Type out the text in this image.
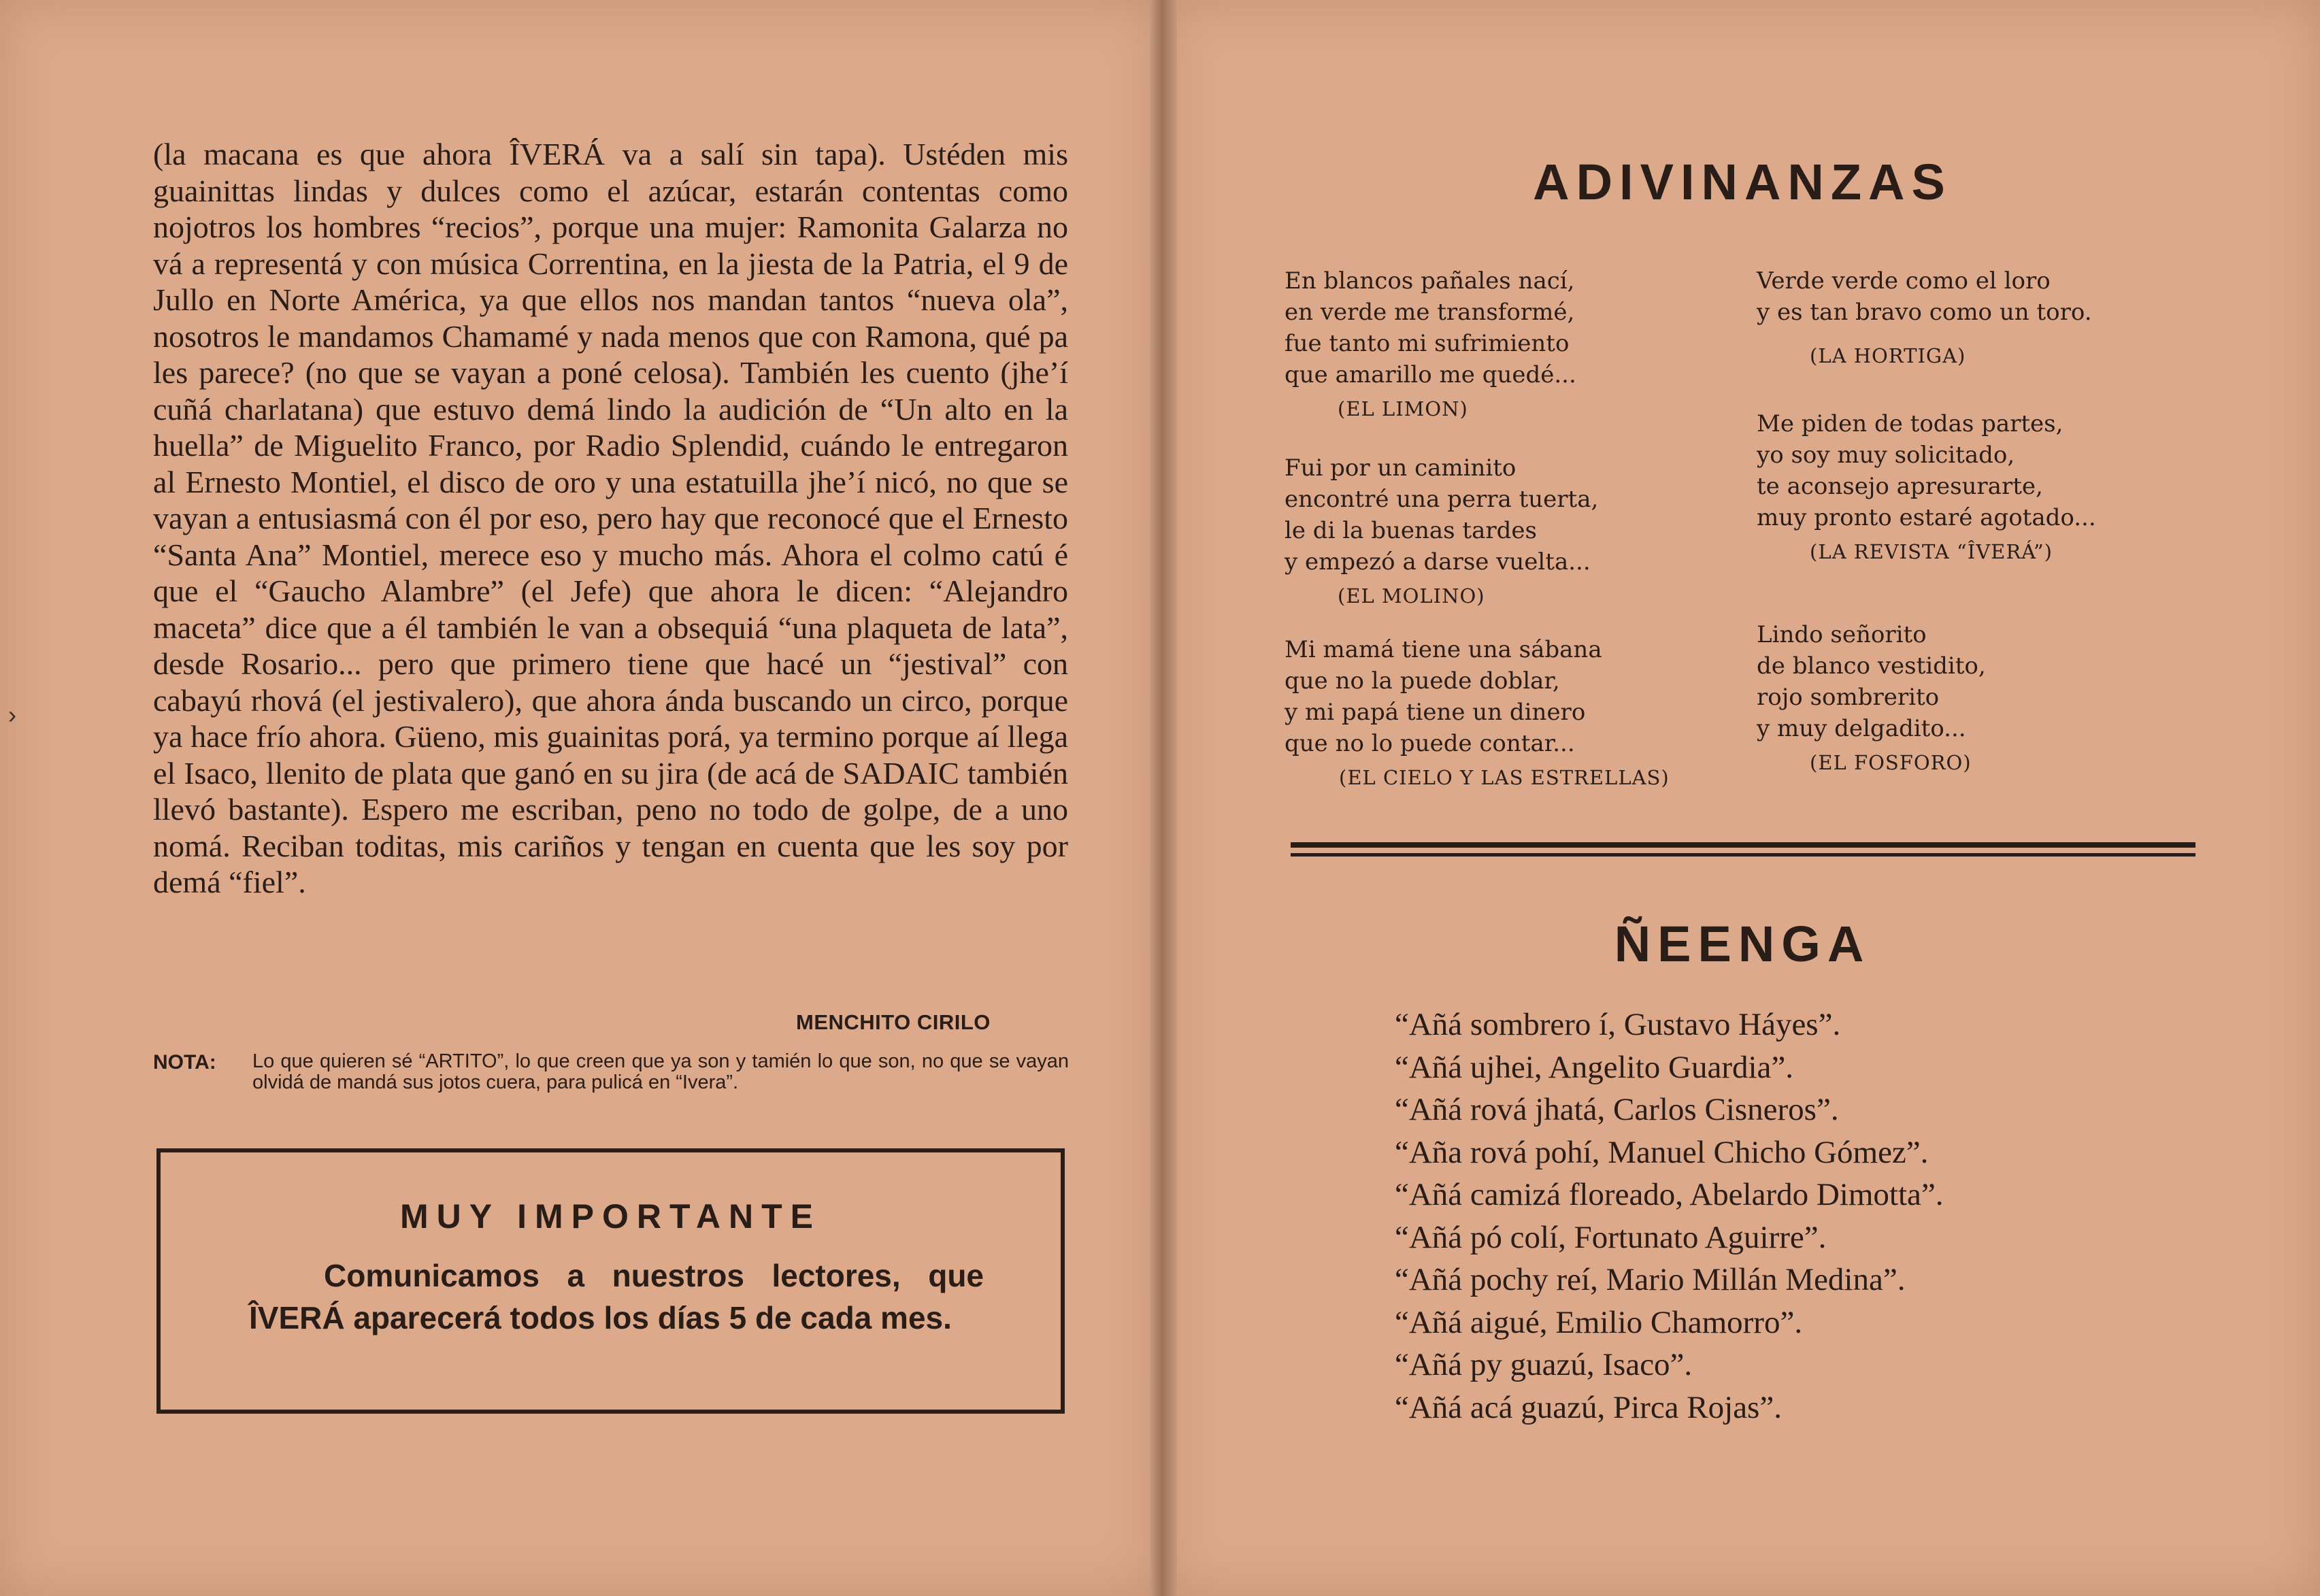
›

(la macana es que ahora ÎVERÁ va a salí sin tapa). Ustéden mis guainittas lindas y dulces como el azúcar, estarán contentas como nojotros los hombres “recios”, porque una mujer: Ramonita Galarza no vá a representá y con música Correntina, en la jiesta de la Patria, el 9 de Jullo en Norte América, ya que ellos nos mandan tantos “nueva ola”, nosotros le mandamos Chamamé y nada menos que con Ramona, qué pa les parece? (no que se vayan a poné celosa). También les cuento (jhe’í cuñá charlatana) que estuvo demá lindo la audición de “Un alto en la huella” de Miguelito Franco, por Radio Splendid, cuándo le entregaron al Ernesto Montiel, el disco de oro y una estatuilla jhe’í nicó, no que se vayan a entusiasmá con él por eso, pero hay que reconocé que el Ernesto “Santa Ana” Montiel, merece eso y mucho más. Ahora el colmo catú é que el “Gaucho Alambre” (el Jefe) que ahora le dicen: “Alejandro maceta” dice que a él también le van a obsequiá “una plaqueta de lata”, desde Rosario... pero que primero tiene que hacé un “jestival” con cabayú rhová (el jestivalero), que ahora ánda buscando un circo, porque ya hace frío ahora. Güeno, mis guainitas porá, ya termino porque aí llega el Isaco, llenito de plata que ganó en su jira (de acá de SADAIC también llevó bastante). Espero me escriban, peno no todo de golpe, de a uno nomá. Reciban toditas, mis cariños y tengan en cuenta que les soy por demá “fiel”.

MENCHITO CIRILO
NOTA: Lo que quieren sé “ARTITO”, lo que creen que ya son y tamién lo que son, no que se vayan olvidá de mandá sus jotos cuera, para pulicá en “Ivera”.

MUY IMPORTANTE

Comunicamos a nuestros lectores, que ÎVERÁ aparecerá todos los días 5 de cada mes.

ADIVINANZAS

En blancos pañales nací,
en verde me transformé,
fue tanto mi sufrimiento
que amarillo me quedé...

(EL LIMON)

Fui por un caminito
encontré una perra tuerta,
le di la buenas tardes
y empezó a darse vuelta...

(EL MOLINO)

Mi mamá tiene una sábana
que no la puede doblar,
y mi papá tiene un dinero
que no lo puede contar...

(EL CIELO Y LAS ESTRELLAS)

Verde verde como el loro
y es tan bravo como un toro.

(LA HORTIGA)

Me piden de todas partes,
yo soy muy solicitado,
te aconsejo apresurarte,
muy pronto estaré agotado...

(LA REVISTA “ÎVERÁ”)

Lindo señorito
de blanco vestidito,
rojo sombrerito
y muy delgadito...

(EL FOSFORO)
ÑEENGA
“Añá sombrero í, Gustavo Háyes”.
“Añá ujhei, Angelito Guardia”.
“Añá rová jhatá, Carlos Cisneros”.
“Aña rová pohí, Manuel Chicho Gómez”.
“Añá camizá floreado, Abelardo Dimotta”.
“Añá pó colí, Fortunato Aguirre”.
“Añá pochy reí, Mario Millán Medina”.
“Añá aigué, Emilio Chamorro”.
“Añá py guazú, Isaco”.
“Añá acá guazú, Pirca Rojas”.
